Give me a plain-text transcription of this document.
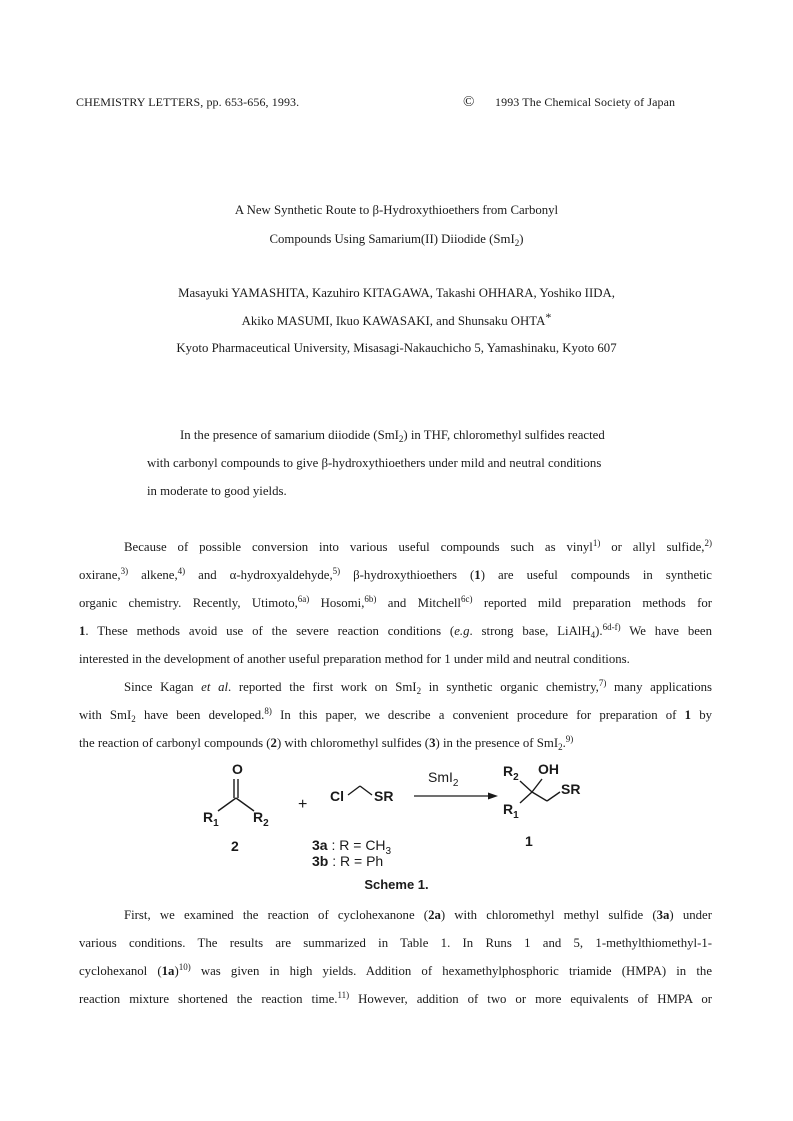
CHEMISTRY LETTERS, pp. 653-656, 1993.	© 1993 The Chemical Society of Japan
A New Synthetic Route to β-Hydroxythioethers from Carbonyl
Compounds Using Samarium(II) Diiodide (SmI$_2$)
Masayuki YAMASHITA, Kazuhiro KITAGAWA, Takashi OHHARA, Yoshiko IIDA,
Akiko MASUMI, Ikuo KAWASAKI, and Shunsaku OHTA*
Kyoto Pharmaceutical University, Misasagi-Nakauchicho 5, Yamashinaku, Kyoto 607
In the presence of samarium diiodide (SmI$_2$) in THF, chloromethyl sulfides reacted
with carbonyl compounds to give β-hydroxythioethers under mild and neutral conditions
in moderate to good yields.
Because of possible conversion into various useful compounds such as vinyl$^{1)}$ or allyl sulfide,$^{2)}$
oxirane,$^{3)}$ alkene,$^{4)}$ and α-hydroxyaldehyde,$^{5)}$ β-hydroxythioethers (1) are useful compounds in synthetic
organic chemistry. Recently, Utimoto,$^{6a)}$ Hosomi,$^{6b)}$ and Mitchell$^{6c)}$ reported mild preparation methods for
1. These methods avoid use of the severe reaction conditions (e.g. strong base, LiAlH$_4$).$^{6d-f)}$ We have been
interested in the development of another useful preparation method for 1 under mild and neutral conditions.
Since Kagan et al. reported the first work on SmI$_2$ in synthetic organic chemistry,$^{7)}$ many applications
with SmI$_2$ have been developed.$^{8)}$ In this paper, we describe a convenient procedure for preparation of 1 by
the reaction of carbonyl compounds (2) with chloromethyl sulfides (3) in the presence of SmI$_2$.$^{9)}$
O
$R_1$ $R_2$
2
+ Cl SR
SmI$_2$
$R_2$
OH
SR
$R_1$
1
3a : $R = CH_3$
3b : R = Ph
Scheme 1.
First, we examined the reaction of cyclohexanone (2a) with chloromethyl methyl sulfide (3a) under
various conditions. The results are summarized in Table 1. In Runs 1 and 5, 1-methylthiomethyl-1-
cyclohexanol $(1a)^{10)}$ was given in high yields. Addition of hexamethylphosphoric triamide (HMPA) in the
reaction mixture shortened the reaction time.$^{11)}$ However, addition of two or more equivalents of HMPA or
